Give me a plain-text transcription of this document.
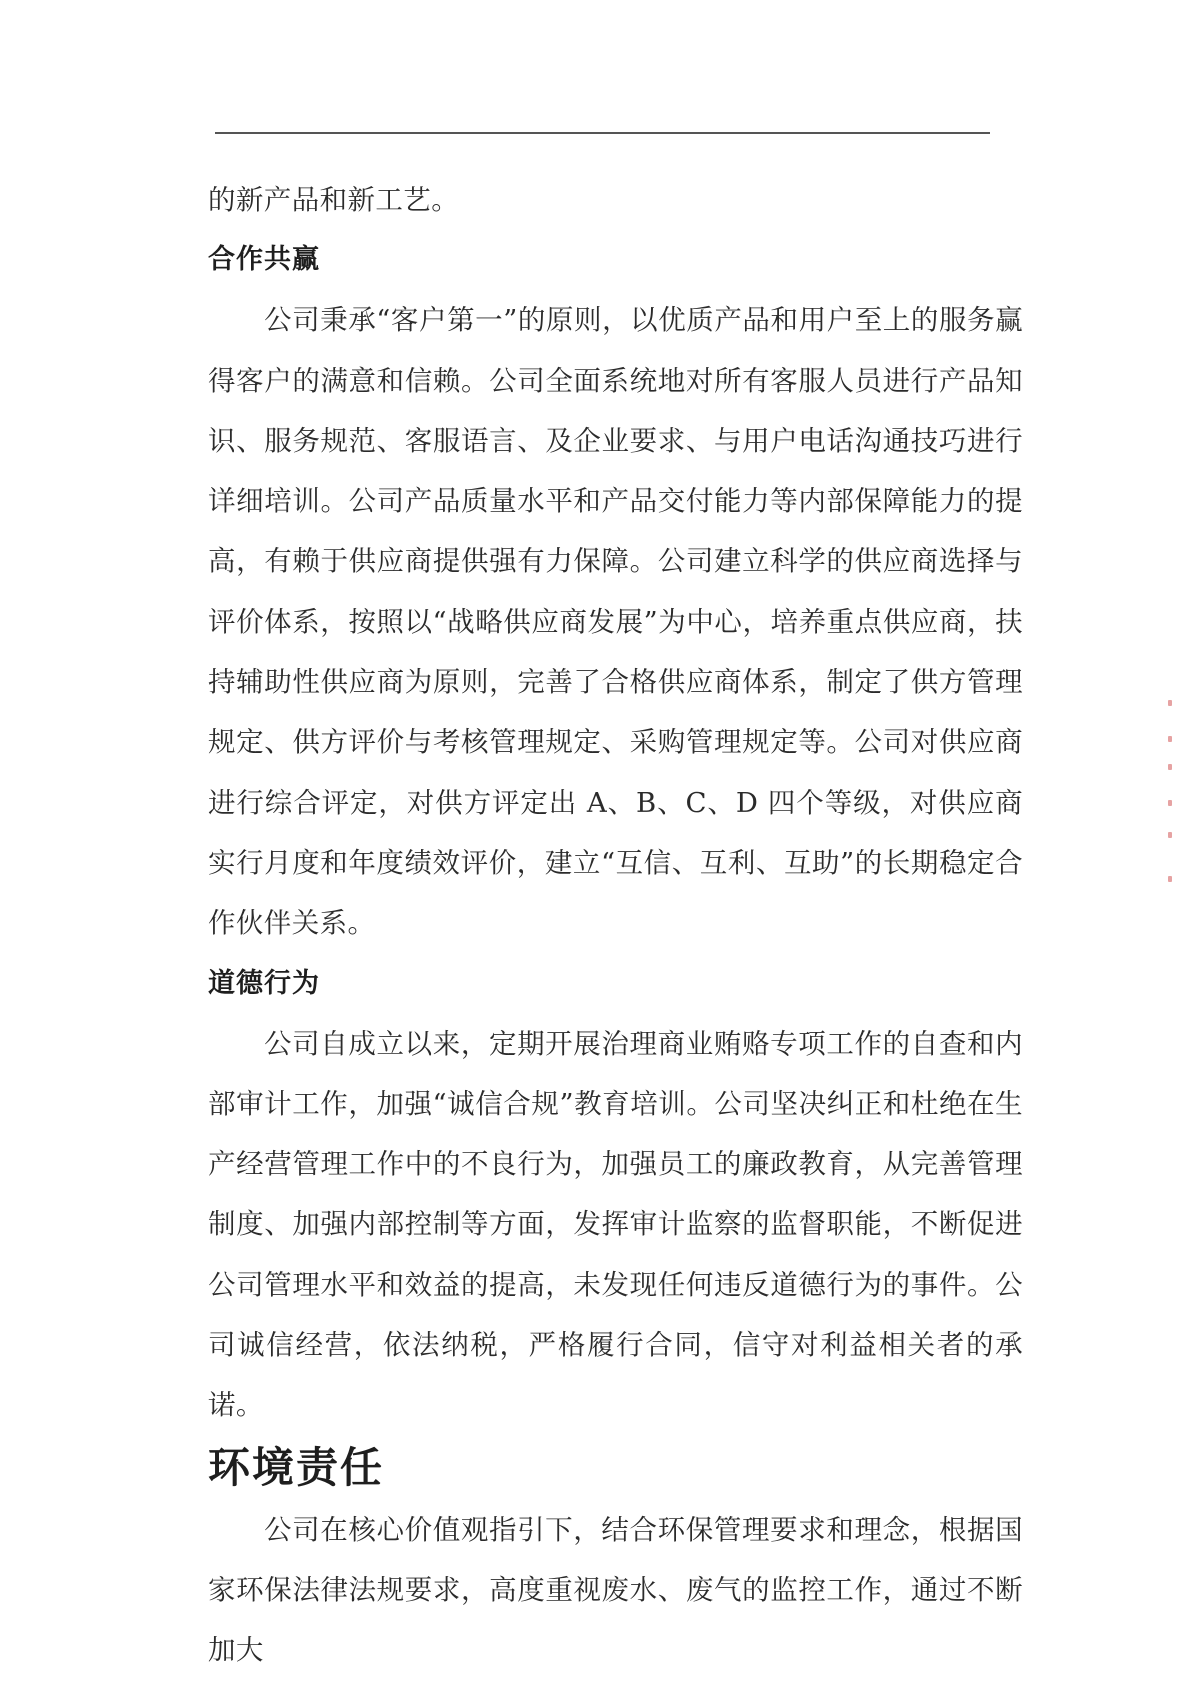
的新产品和新工艺。

合作共赢

公司秉承“客户第一”的原则，以优质产品和用户至上的服务赢得客户的满意和信赖。公司全面系统地对所有客服人员进行产品知识、服务规范、客服语言、及企业要求、与用户电话沟通技巧进行详细培训。公司产品质量水平和产品交付能力等内部保障能力的提高，有赖于供应商提供强有力保障。公司建立科学的供应商选择与评价体系，按照以“战略供应商发展”为中心，培养重点供应商，扶持辅助性供应商为原则，完善了合格供应商体系，制定了供方管理规定、供方评价与考核管理规定、采购管理规定等。公司对供应商进行综合评定，对供方评定出 A、B、C、D 四个等级，对供应商实行月度和年度绩效评价，建立“互信、互利、互助”的长期稳定合作伙伴关系。

道德行为

公司自成立以来，定期开展治理商业贿赂专项工作的自查和内部审计工作，加强“诚信合规”教育培训。公司坚决纠正和杜绝在生产经营管理工作中的不良行为，加强员工的廉政教育，从完善管理制度、加强内部控制等方面，发挥审计监察的监督职能，不断促进公司管理水平和效益的提高，未发现任何违反道德行为的事件。公司诚信经营，依法纳税，严格履行合同，信守对利益相关者的承诺。

环境责任

公司在核心价值观指引下，结合环保管理要求和理念，根据国家环保法律法规要求，高度重视废水、废气的监控工作，通过不断加大
